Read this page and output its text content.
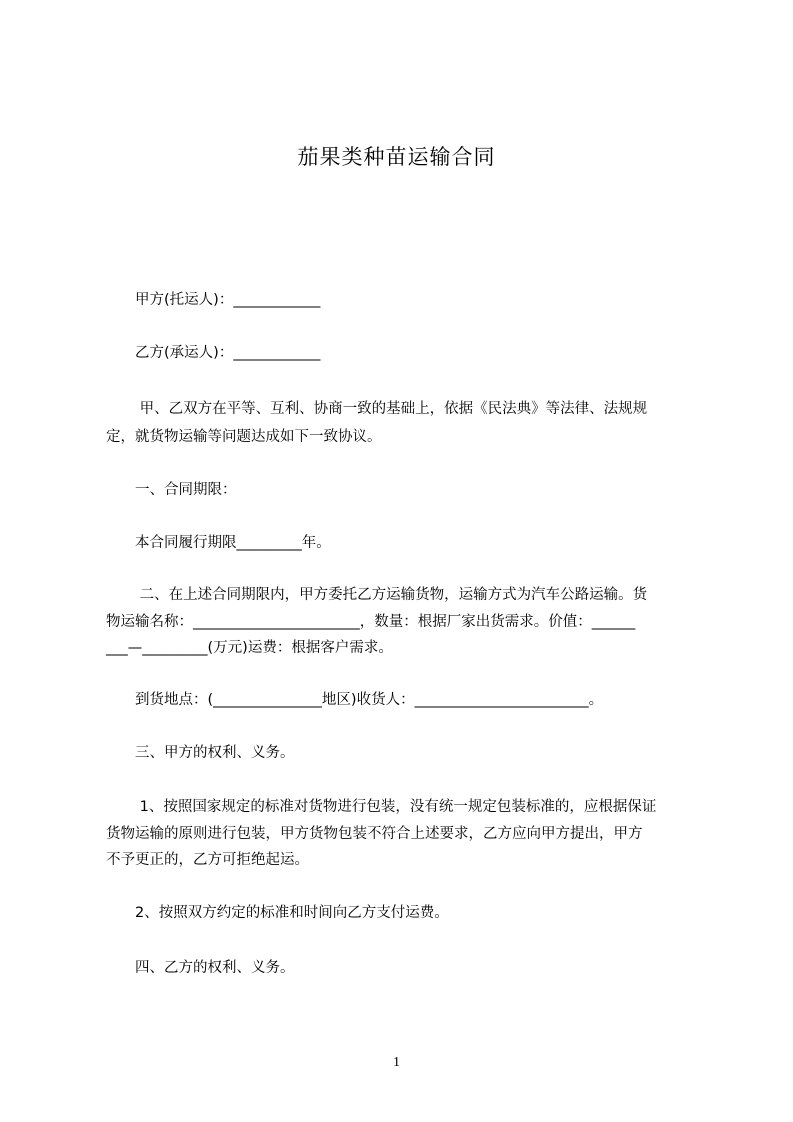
茄果类种苗运输合同
　　甲方(托运人)：____________
　　乙方(承运人)：____________
　　 甲、乙双方在平等、互利、协商一致的基础上，依据《民法典》等法律、法规规
定，就货物运输等问题达成如下一致协议。
　　一、合同期限：
　　本合同履行期限_________年。
　　 二、在上述合同期限内，甲方委托乙方运输货物，运输方式为汽车公路运输。货
物运输名称：_______________________，数量：根据厂家出货需求。价值：______
___—_________(万元)运费：根据客户需求。
　　到货地点：(_______________地区)收货人：________________________。
　　三、甲方的权利、义务。
　　 1、按照国家规定的标准对货物进行包装，没有统一规定包装标准的，应根据保证
货物运输的原则进行包装，甲方货物包装不符合上述要求，乙方应向甲方提出，甲方
不予更正的，乙方可拒绝起运。
　　2、按照双方约定的标准和时间向乙方支付运费。
　　四、乙方的权利、义务。
1
